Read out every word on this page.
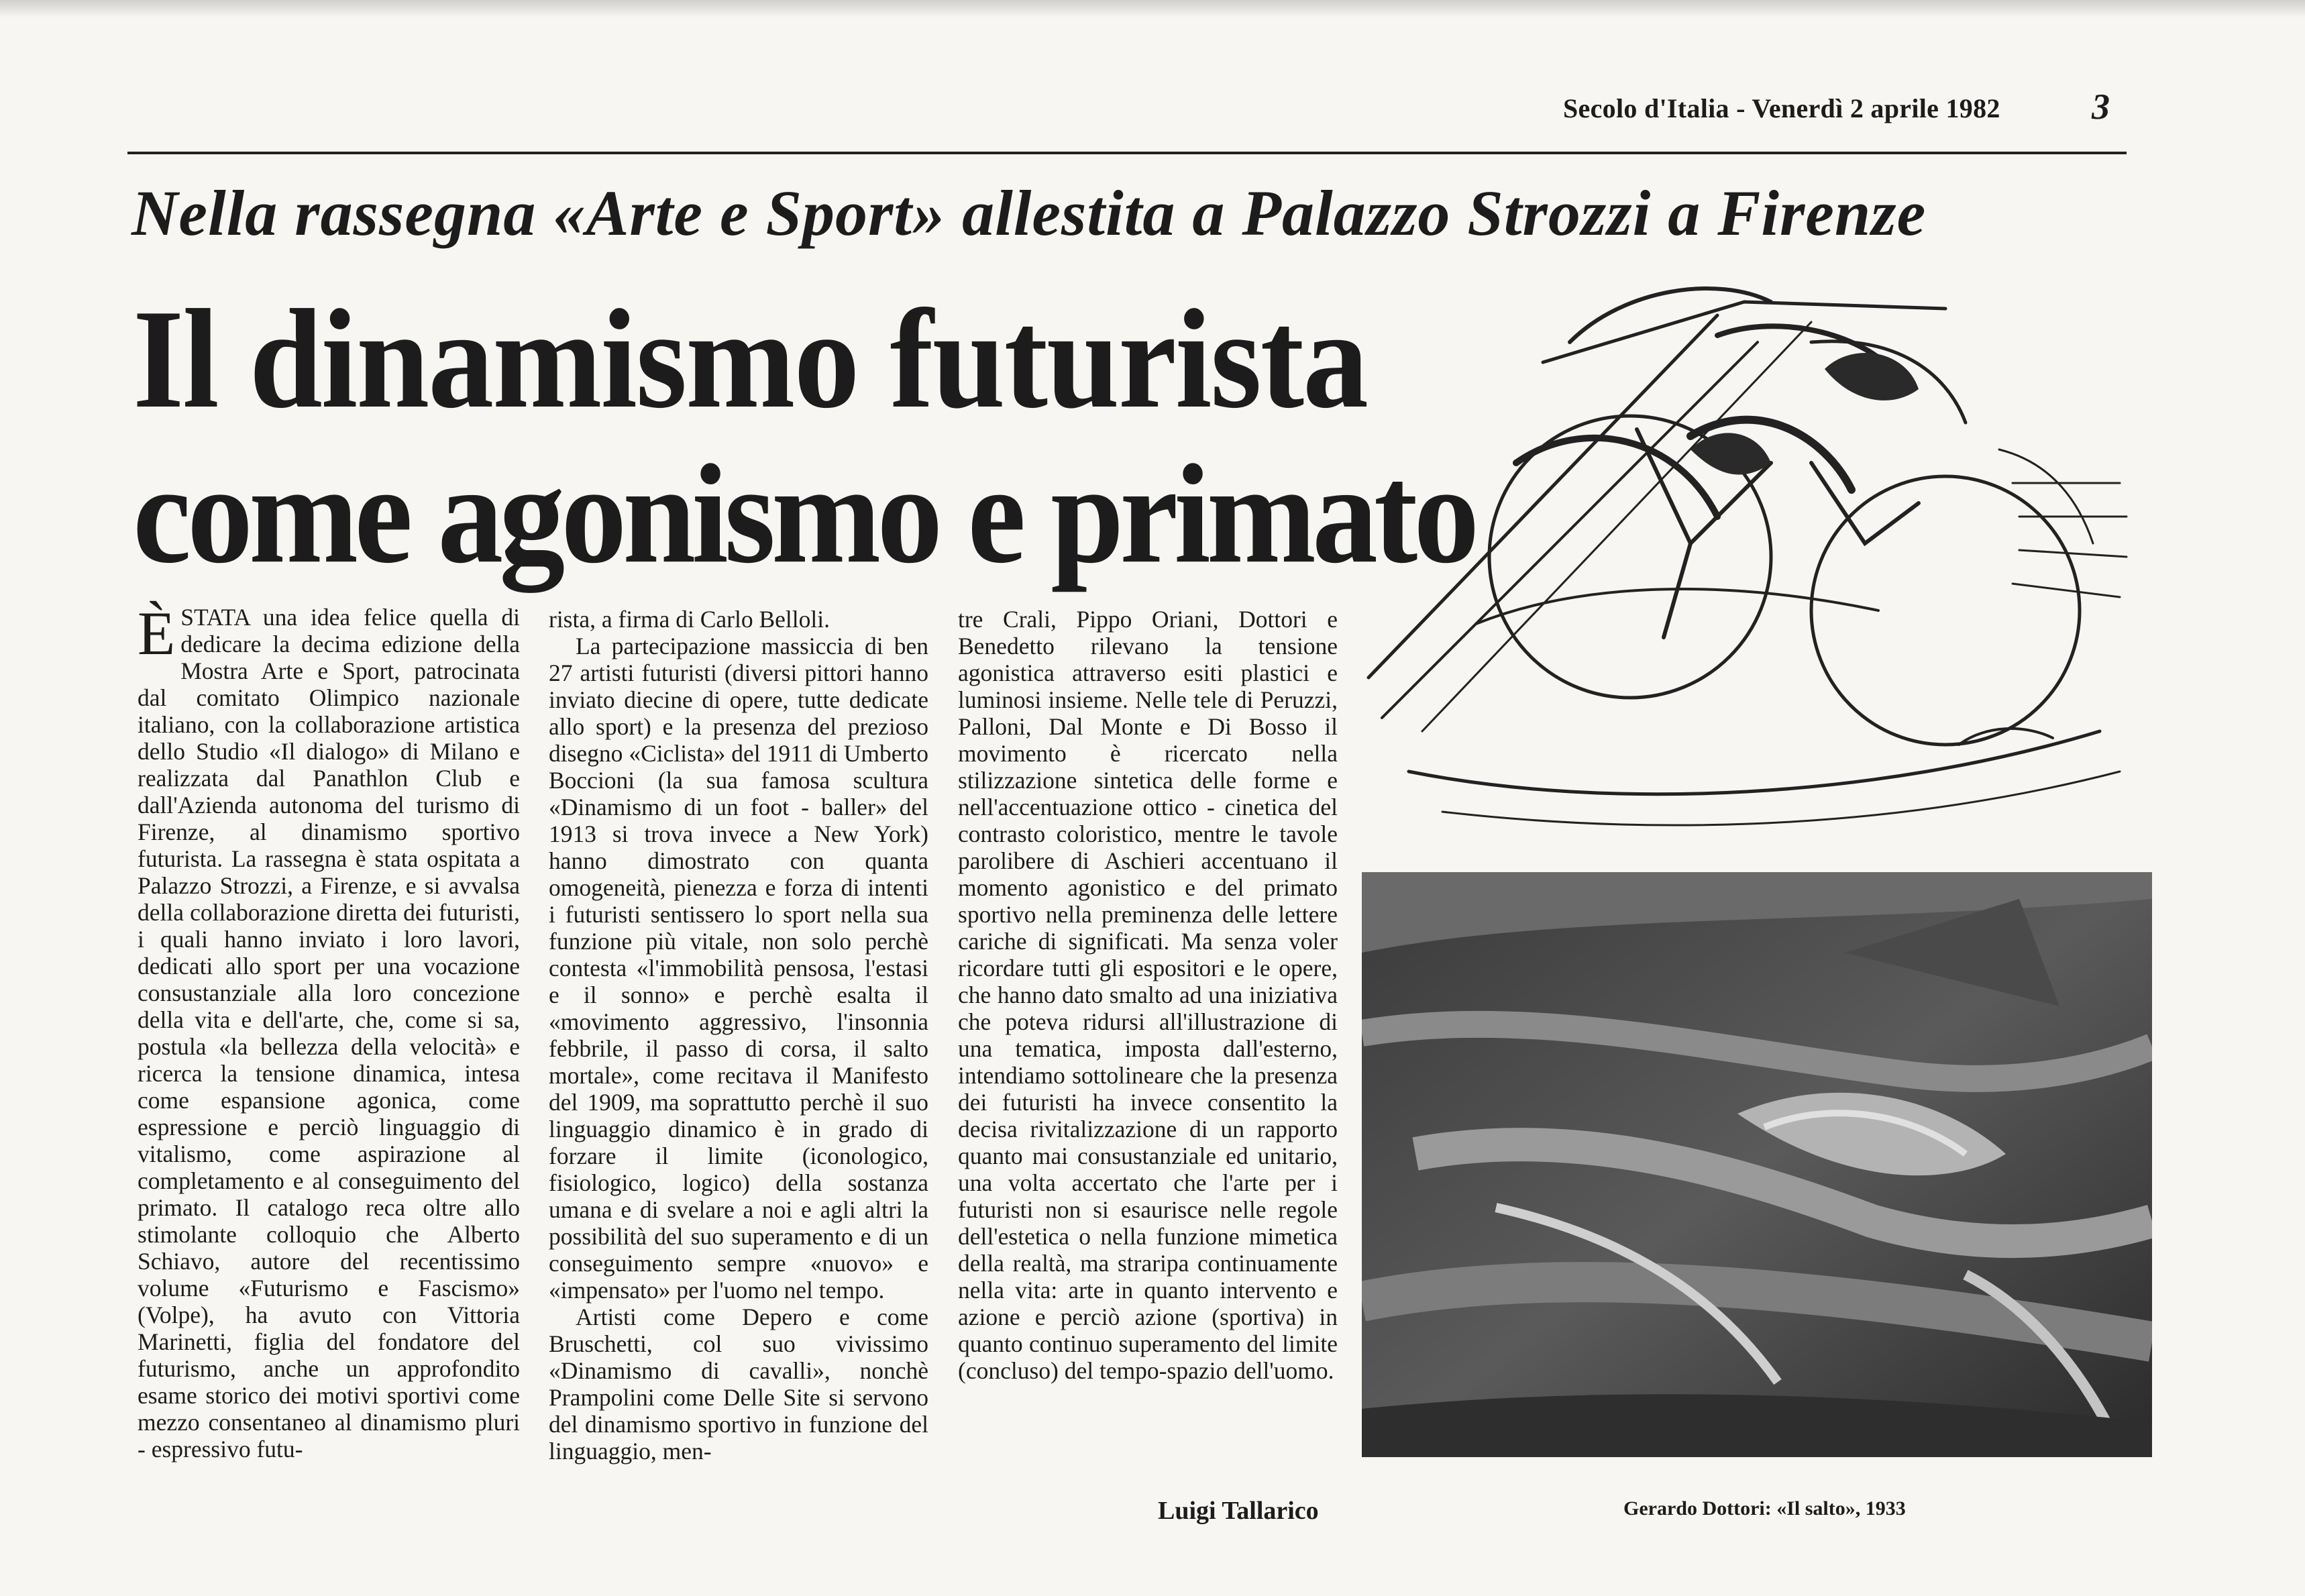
Secolo d'Italia - Venerdì 2 aprile 1982	3
Nella rassegna «Arte e Sport» allestita a Palazzo Strozzi a Firenze
Il dinamismo futurista
come agonismo e primato

ÈSTATA una idea felice quella di dedicare la decima edizione della Mostra Arte e Sport, patrocinata dal comitato Olimpico nazionale italiano, con la collaborazione artistica dello Studio «Il dialogo» di Milano e realizzata dal Panathlon Club e dall'Azienda autonoma del turismo di Firenze, al dinamismo sportivo futurista. La rassegna è stata ospitata a Palazzo Strozzi, a Firenze, e si avvalsa della collaborazione diretta dei futuristi, i quali hanno inviato i loro lavori, dedicati allo sport per una vocazione consustanziale alla loro concezione della vita e dell'arte, che, come si sa, postula «la bellezza della velocità» e ricerca la tensione dinamica, intesa come espansione agonica, come espressione e perciò linguaggio di vitalismo, come aspirazione al completamento e al conseguimento del primato. Il catalogo reca oltre allo stimolante colloquio che Alberto Schiavo, autore del recentissimo volume «Futurismo e Fascismo» (Volpe), ha avuto con Vittoria Marinetti, figlia del fondatore del futurismo, anche un approfondito esame storico dei motivi sportivi come mezzo consentaneo al dinamismo pluri - espressivo futu-

rista, a firma di Carlo Belloli.

La partecipazione massiccia di ben 27 artisti futuristi (diversi pittori hanno inviato diecine di opere, tutte dedicate allo sport) e la presenza del prezioso disegno «Ciclista» del 1911 di Umberto Boccioni (la sua famosa scultura «Dinamismo di un foot - baller» del 1913 si trova invece a New York) hanno dimostrato con quanta omogeneità, pienezza e forza di intenti i futuristi sentissero lo sport nella sua funzione più vitale, non solo perchè contesta «l'immobilità pensosa, l'estasi e il sonno» e perchè esalta il «movimento aggressivo, l'insonnia febbrile, il passo di corsa, il salto mortale», come recitava il Manifesto del 1909, ma soprattutto perchè il suo linguaggio dinamico è in grado di forzare il limite (iconologico, fisiologico, logico) della sostanza umana e di svelare a noi e agli altri la possibilità del suo superamento e di un conseguimento sempre «nuovo» e «impensato» per l'uomo nel tempo.

Artisti come Depero e come Bruschetti, col suo vivissimo «Dinamismo di cavalli», nonchè Prampolini come Delle Site si servono del dinamismo sportivo in funzione del linguaggio, men-

tre Crali, Pippo Oriani, Dottori e Benedetto rilevano la tensione agonistica attraverso esiti plastici e luminosi insieme. Nelle tele di Peruzzi, Palloni, Dal Monte e Di Bosso il movimento è ricercato nella stilizzazione sintetica delle forme e nell'accentuazione ottico - cinetica del contrasto coloristico, mentre le tavole parolibere di Aschieri accentuano il momento agonistico e del primato sportivo nella preminenza delle lettere cariche di significati. Ma senza voler ricordare tutti gli espositori e le opere, che hanno dato smalto ad una iniziativa che poteva ridursi all'illustrazione di una tematica, imposta dall'esterno, intendiamo sottolineare che la presenza dei futuristi ha invece consentito la decisa rivitalizzazione di un rapporto quanto mai consustanziale ed unitario, una volta accertato che l'arte per i futuristi non si esaurisce nelle regole dell'estetica o nella funzione mimetica della realtà, ma straripa continuamente nella vita: arte in quanto intervento e azione e perciò azione (sportiva) in quanto continuo superamento del limite (concluso) del tempo-spazio dell'uomo.

Luigi Tallarico	Gerardo Dottori: «Il salto», 1933
